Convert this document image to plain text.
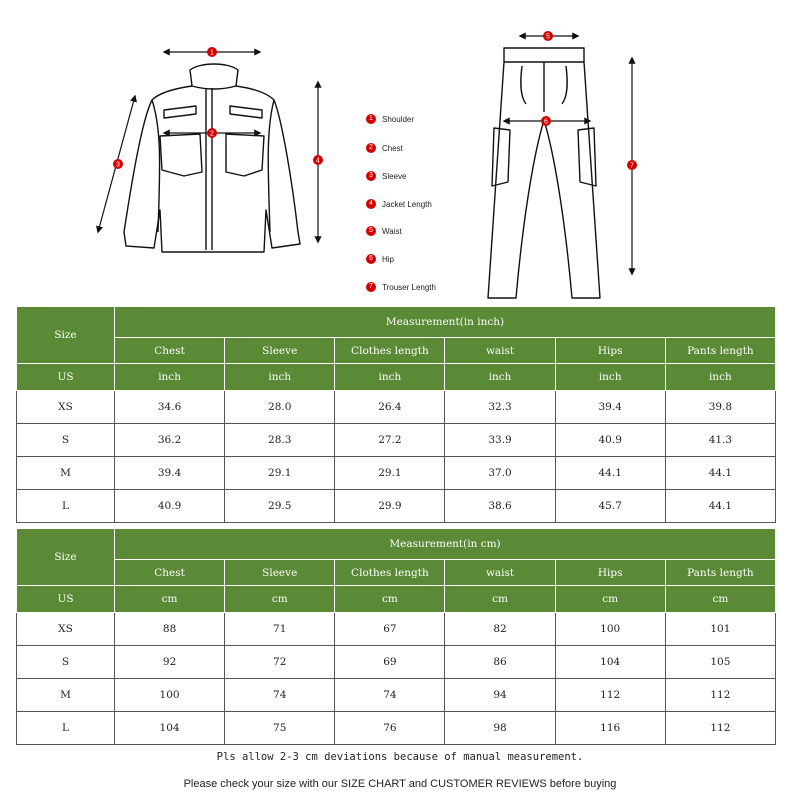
1
2
3
4
5
6
7
1	Shoulder
2	Chest
3	Sleeve
4	Jacket Length
5	Waist
6	Hip
7	Trouser Length
Size	Measurement(in inch)					
	Chest	Sleeve	Clothes length	waist	Hips	Pants length
US	inch	inch	inch	inch	inch	inch
XS	34.6	28.0	26.4	32.3	39.4	39.8
S	36.2	28.3	27.2	33.9	40.9	41.3
M	39.4	29.1	29.1	37.0	44.1	44.1
L	40.9	29.5	29.9	38.6	45.7	44.1
Size	Measurement(in cm)					
	Chest	Sleeve	Clothes length	waist	Hips	Pants length
US	cm	cm	cm	cm	cm	cm
XS	88	71	67	82	100	101
S	92	72	69	86	104	105
M	100	74	74	94	112	112
L	104	75	76	98	116	112
Pls allow 2-3 cm deviations because of manual measurement.
Please check your size with our SIZE CHART and CUSTOMER REVIEWS before buying
